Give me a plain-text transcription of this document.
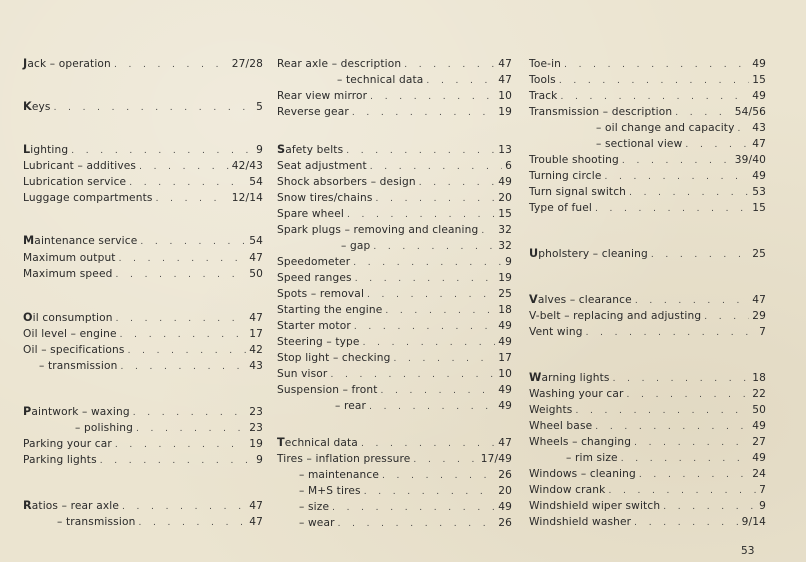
Jack – operation . . .	27/28
Keys . . .	5
Lighting . . .	9
Lubricant – additives . . .	42/43
Lubrication service . . .	54
Luggage compartments . . .	12/14
Maintenance service . . .	54
Maximum output . . .	47
Maximum speed . . .	50
Oil consumption . . .	47
Oil level – engine . . .	17
Oil – specifications . . .	42
– transmission . . .	43
Paintwork – waxing . . .	23
– polishing . . .	23
Parking your car . . .	19
Parking lights . . .	9
Ratios – rear axle . . .	47
– transmission . . .	47
Rear axle – description . . .	47
– technical data . . .	47
Rear view mirror . . .	10
Reverse gear . . .	19
Safety belts . . .	13
Seat adjustment . . .	6
Shock absorbers – design . . .	49
Snow tires/chains . . .	20
Spare wheel . . .	15
Spark plugs – removing and cleaning . . . 32
– gap . . .	32
Speedometer . . .	9
Speed ranges . . .	19
Spots – removal . . .	25
Starting the engine . . .	18
Starter motor . . .	49
Steering – type . . .	49
Stop light – checking . . .	17
Sun visor . . .	10
Suspension – front . . .	49
– rear . . .	49
Technical data . . .	47
Tires – inflation pressure . . .	17/49
– maintenance . . .	26
– M+S tires . . .	20
– size . . .	49
– wear . . .	26
Toe-in . . .	49
Tools . . .	15
Track . . .	49
Transmission – description . . .	54/56
– oil change and capacity . . . 43
– sectional view . . .	47
Trouble shooting . . .	39/40
Turning circle . . .	49
Turn signal switch . . .	53
Type of fuel . . .	15
Upholstery – cleaning . . .	25
Valves – clearance . . .	47
V-belt – replacing and adjusting . . .	29
Vent wing . . .	7
Warning lights . . .	18
Washing your car . . .	22
Weights . . .	50
Wheel base . . .	49
Wheels – changing . . .	27
– rim size . . .	49
Windows – cleaning . . .	24
Window crank . . .	7
Windshield wiper switch . . .	9
Windshield washer . . .	9/14
53
